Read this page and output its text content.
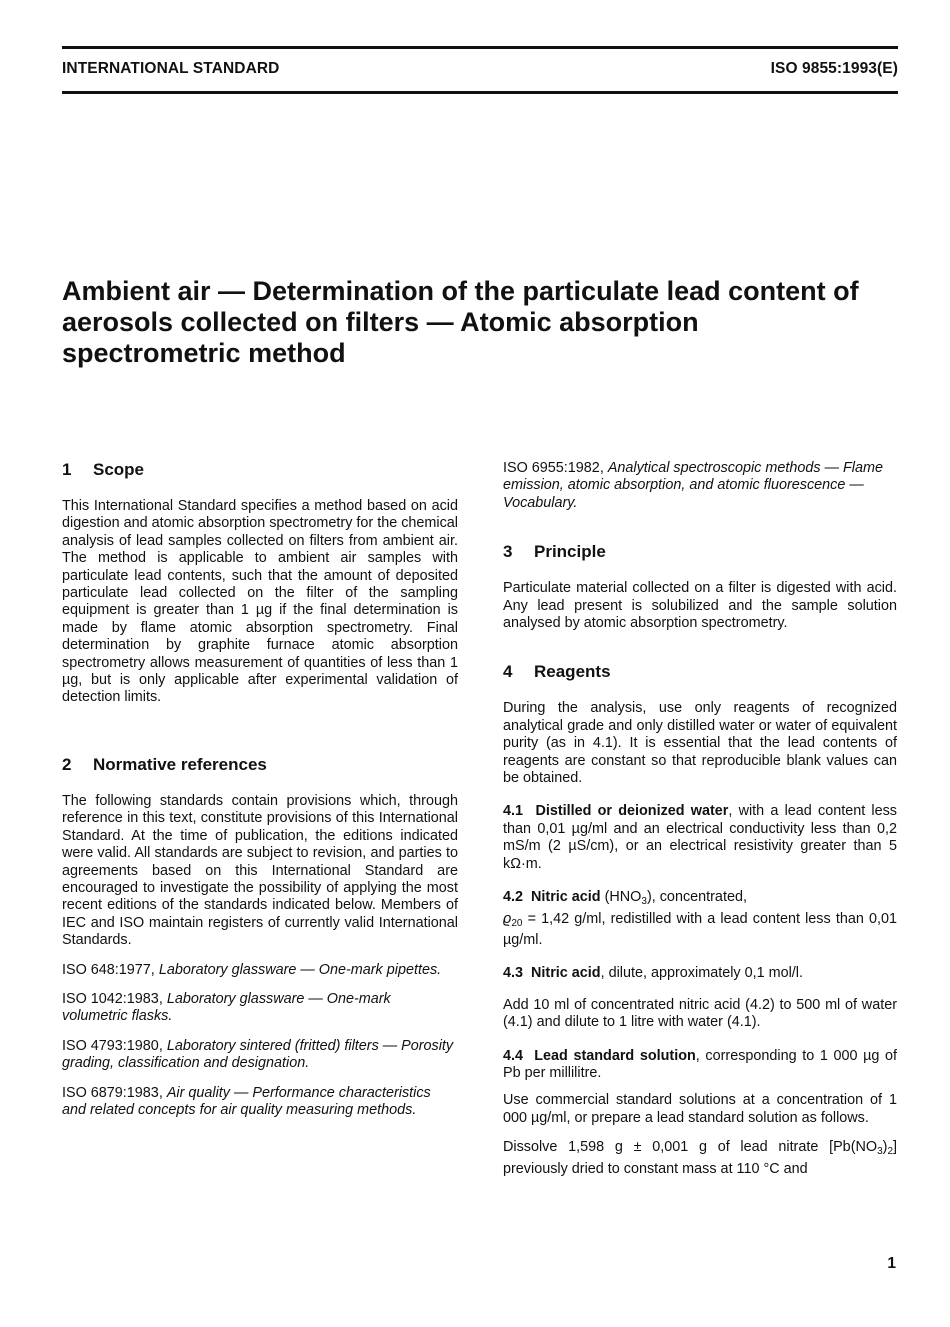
INTERNATIONAL STANDARD	ISO 9855:1993(E)
Ambient air — Determination of the particulate lead content of aerosols collected on filters — Atomic absorption spectrometric method
1 Scope

This International Standard specifies a method based on acid digestion and atomic absorption spectrometry for the chemical analysis of lead samples collected on filters from ambient air. The method is applicable to ambient air samples with particulate lead contents, such that the amount of deposited particulate lead collected on the filter of the sampling equipment is greater than 1 µg if the final determination is made by flame atomic absorption spectrometry. Final determination by graphite furnace atomic absorption spectrometry allows measurement of quantities of less than 1 µg, but is only applicable after experimental validation of detection limits.

2 Normative references

The following standards contain provisions which, through reference in this text, constitute provisions of this International Standard. At the time of publication, the editions indicated were valid. All standards are subject to revision, and parties to agreements based on this International Standard are encouraged to investigate the possibility of applying the most recent editions of the standards indicated below. Members of IEC and ISO maintain registers of currently valid International Standards.

ISO 648:1977, Laboratory glassware — One-mark pipettes.

ISO 1042:1983, Laboratory glassware — One-mark volumetric flasks.

ISO 4793:1980, Laboratory sintered (fritted) filters — Porosity grading, classification and designation.

ISO 6879:1983, Air quality — Performance characteristics and related concepts for air quality measuring methods.

ISO 6955:1982, Analytical spectroscopic methods — Flame emission, atomic absorption, and atomic fluorescence — Vocabulary.

3 Principle

Particulate material collected on a filter is digested with acid. Any lead present is solubilized and the sample solution analysed by atomic absorption spectrometry.

4 Reagents

During the analysis, use only reagents of recognized analytical grade and only distilled water or water of equivalent purity (as in 4.1). It is essential that the lead contents of reagents are constant so that reproducible blank values can be obtained.

4.1 Distilled or deionized water, with a lead content less than 0,01 µg/ml and an electrical conductivity less than 0,2 mS/m (2 µS/cm), or an electrical resistivity greater than 5 kΩ·m.

4.2 Nitric acid $(HNO_3)$, concentrated,
$ϱ_{20} = 1,42$ g/ml, redistilled with a lead content less than 0,01 µg/ml.

4.3 Nitric acid, dilute, approximately 0,1 mol/l.

Add 10 ml of concentrated nitric acid (4.2) to 500 ml of water (4.1) and dilute to 1 litre with water (4.1).

4.4 Lead standard solution, corresponding to 1 000 µg of Pb per millilitre.

Use commercial standard solutions at a concentration of 1 000 µg/ml, or prepare a lead standard solution as follows.

Dissolve 1,598 g ± 0,001 g of lead nitrate $[Pb(NO_3)_2]$ previously dried to constant mass at 110 °C and

1
